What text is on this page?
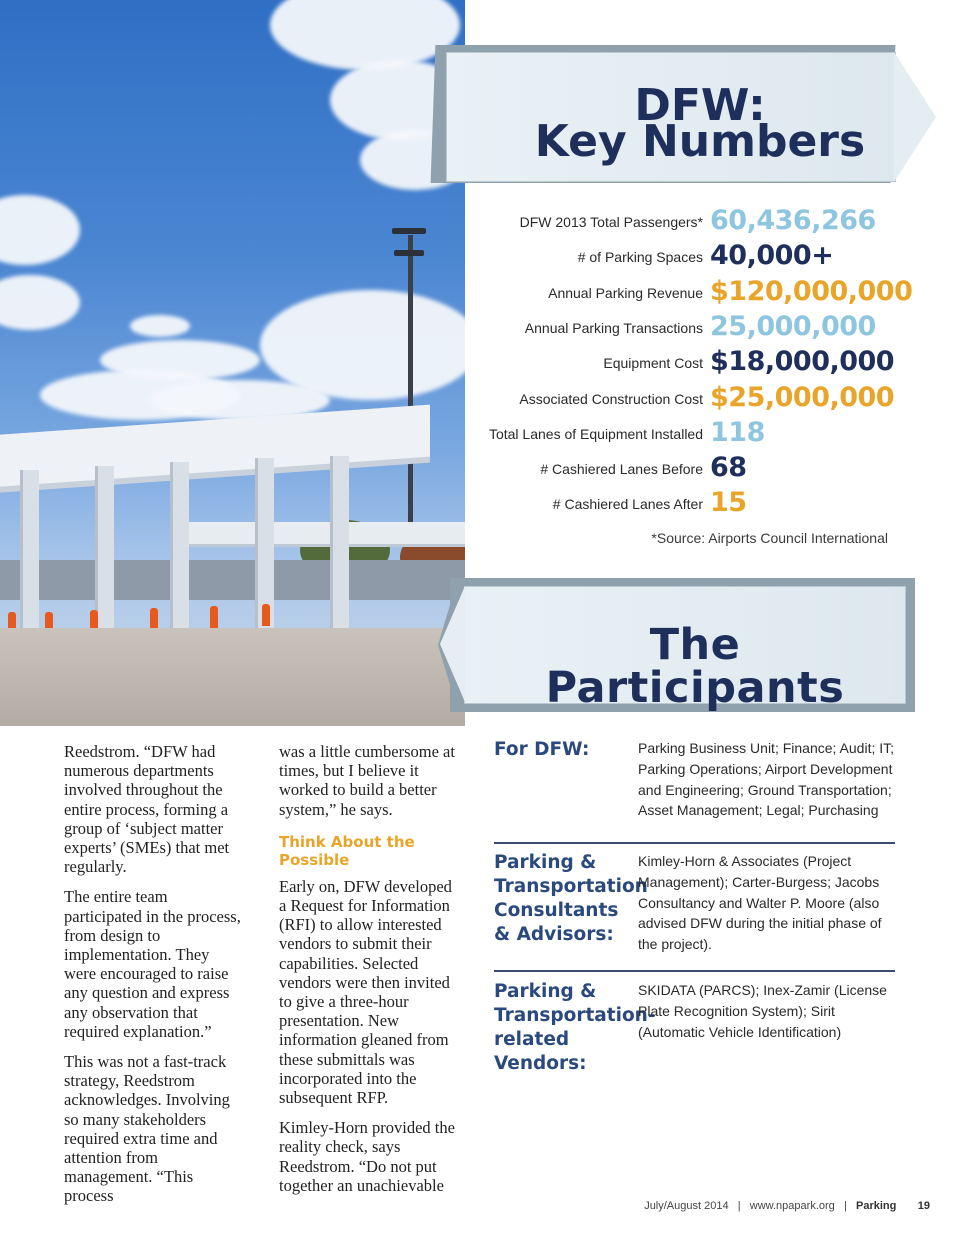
DFW:
Key Numbers
DFW 2013 Total Passengers* 60,436,266
# of Parking Spaces 40,000+
Annual Parking Revenue $120,000,000
Annual Parking Transactions 25,000,000
Equipment Cost $18,000,000
Associated Construction Cost $25,000,000
Total Lanes of Equipment Installed 118
# Cashiered Lanes Before 68
# Cashiered Lanes After 15
*Source: Airports Council International
The Participants

Reedstrom. “DFW had numerous departments involved throughout the entire process, forming a group of ‘subject matter experts’ (SMEs) that met regularly.

The entire team participated in the process, from design to implementation. They were encouraged to raise any question and express any observation that required explanation.”

This was not a fast-track strategy, Reedstrom acknowledges. Involving so many stakeholders required extra time and attention from management. “This process

was a little cumbersome at times, but I believe it worked to build a better system,” he says.

Think About the Possible

Early on, DFW developed a Request for Information (RFI) to allow interested vendors to submit their capabilities. Selected vendors were then invited to give a three-hour presentation. New information gleaned from these submittals was incorporated into the subsequent RFP.

Kimley-Horn provided the reality check, says Reedstrom. “Do not put together an unachievable

For DFW:	Parking Business Unit; Finance; Audit; IT; Parking Operations; Airport Development and Engineering; Ground Transportation; Asset Management; Legal; Purchasing
Parking & Transportation Consultants & Advisors:
Kimley-Horn & Associates (Project Management); Carter-Burgess; Jacobs Consultancy and Walter P. Moore (also advised DFW during the initial phase of the project).
Parking & Transportation-related Vendors:
SKIDATA (PARCS); Inex-Zamir (License Plate Recognition System); Sirit (Automatic Vehicle Identification)
July/August 2014 | www.npapark.org | Parking 19
